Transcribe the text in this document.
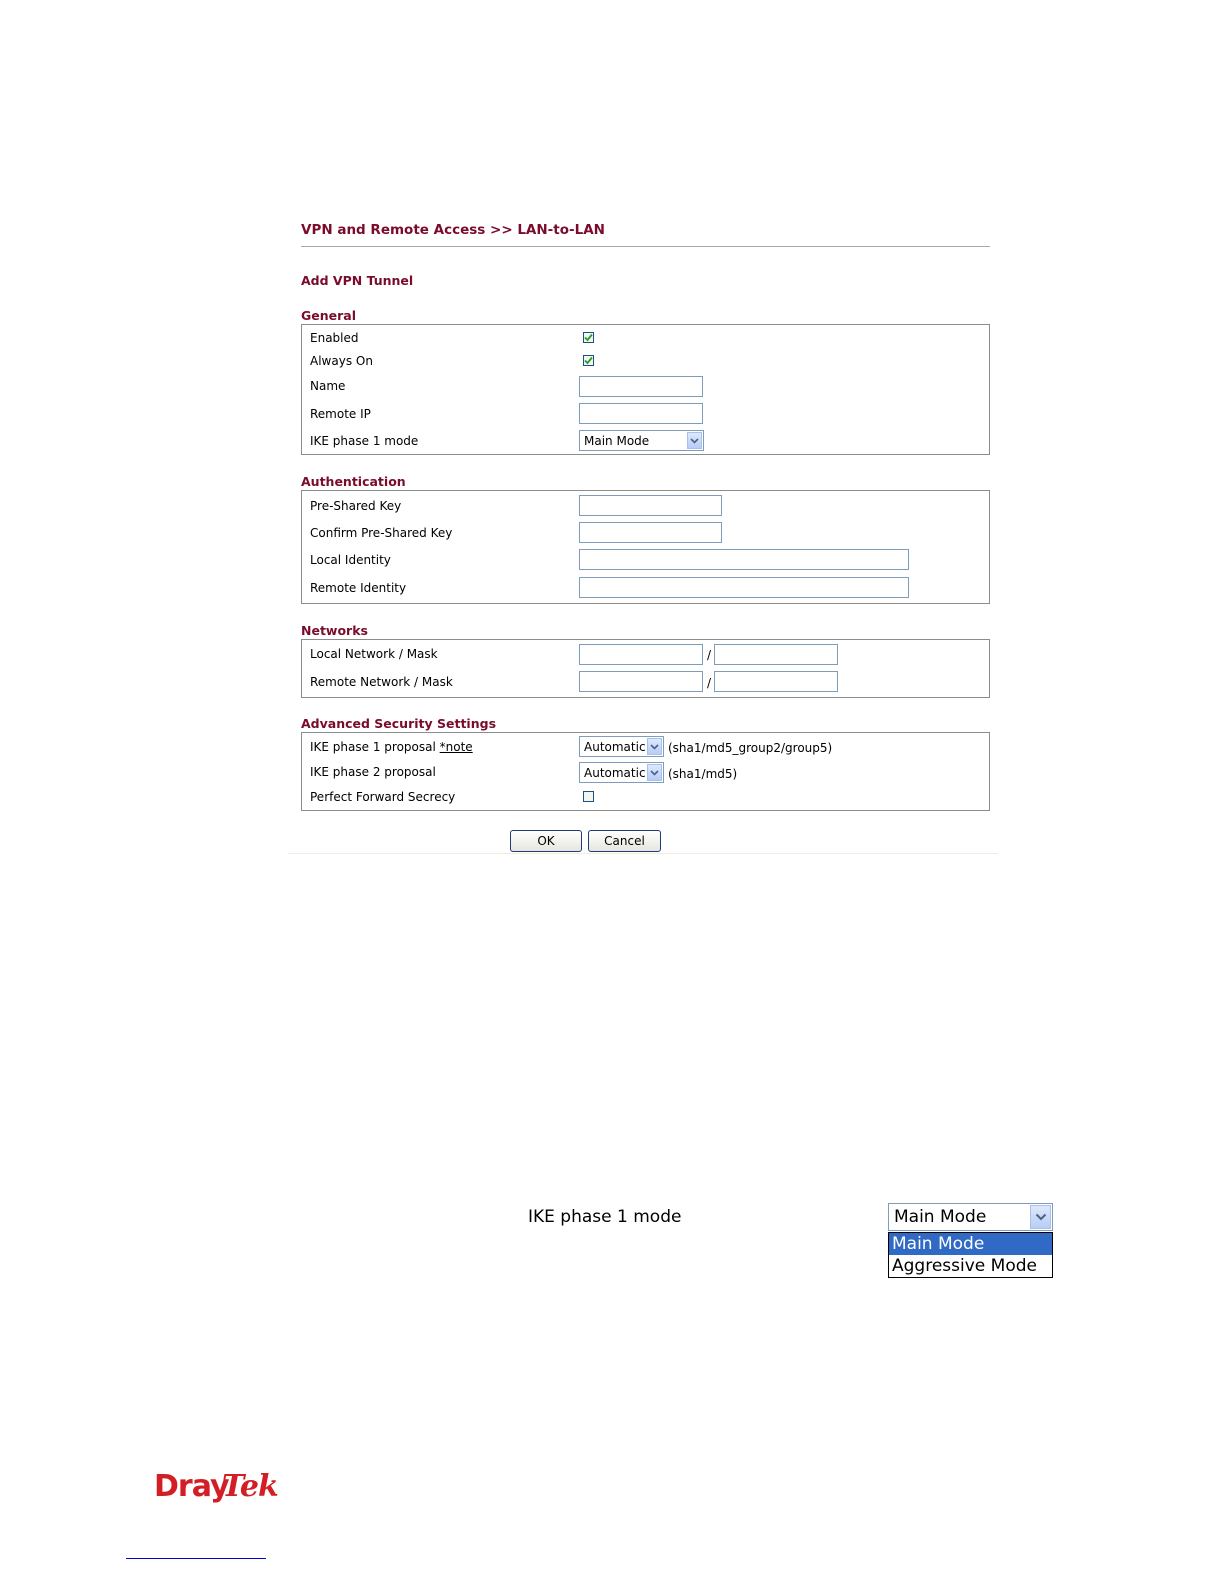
VPN and Remote Access >> LAN-to-LAN
Add VPN Tunnel
General
Enabled
Always On
Name
Remote IP
IKE phase 1 mode	Main Mode
Authentication
Pre-Shared Key
Confirm Pre-Shared Key
Local Identity
Remote Identity
Networks
Local Network / Mask	/
Remote Network / Mask	/
Advanced Security Settings
IKE phase 1 proposal *note	Automatic (sha1/md5_group2/group5)
IKE phase 2 proposal	Automatic (sha1/md5)
Perfect Forward Secrecy
OK	Cancel
IKE phase 1 mode	Main Mode
Main Mode
Aggressive Mode
Dray
Tek
